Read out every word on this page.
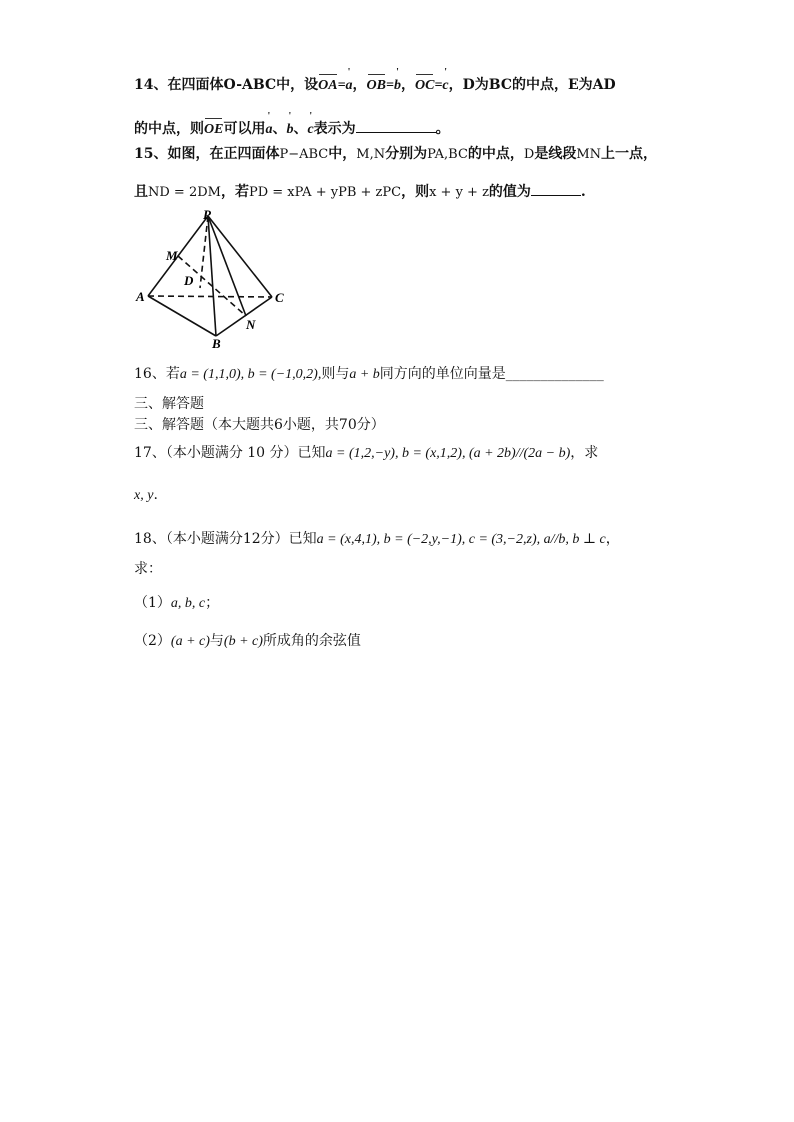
14、在四面体O-ABC中，设OA=' a，OB=' b，OC=' c，D为BC的中点，E为AD
的中点，则OE可以用' a、' b、' c表示为	。
15、如图，在正四面体P−ABC中，M,N分别为PA,BC的中点，D是线段MN上一点，
且ND = 2DM，若PD = xPA + yPB + zPC，则x + y + z的值为	.
P
M
D
A	C
N
B
16、若a = (1,1,0), b = (−1,0,2),则与a + b同方向的单位向量是______________
三、解答题
三、解答题（本大题共6小题，共70分）
17、（本小题满分 10 分）已知a = (1,2,−y), b = (x,1,2), (a + 2b)//(2a − b)，求
x, y.
18、（本小题满分12分）已知a = (x,4,1), b = (−2,y,−1), c = (3,−2,z), a//b, b ⊥ c，
求：
（1）a, b, c；
（2）(a + c)与(b + c)所成角的余弦值
